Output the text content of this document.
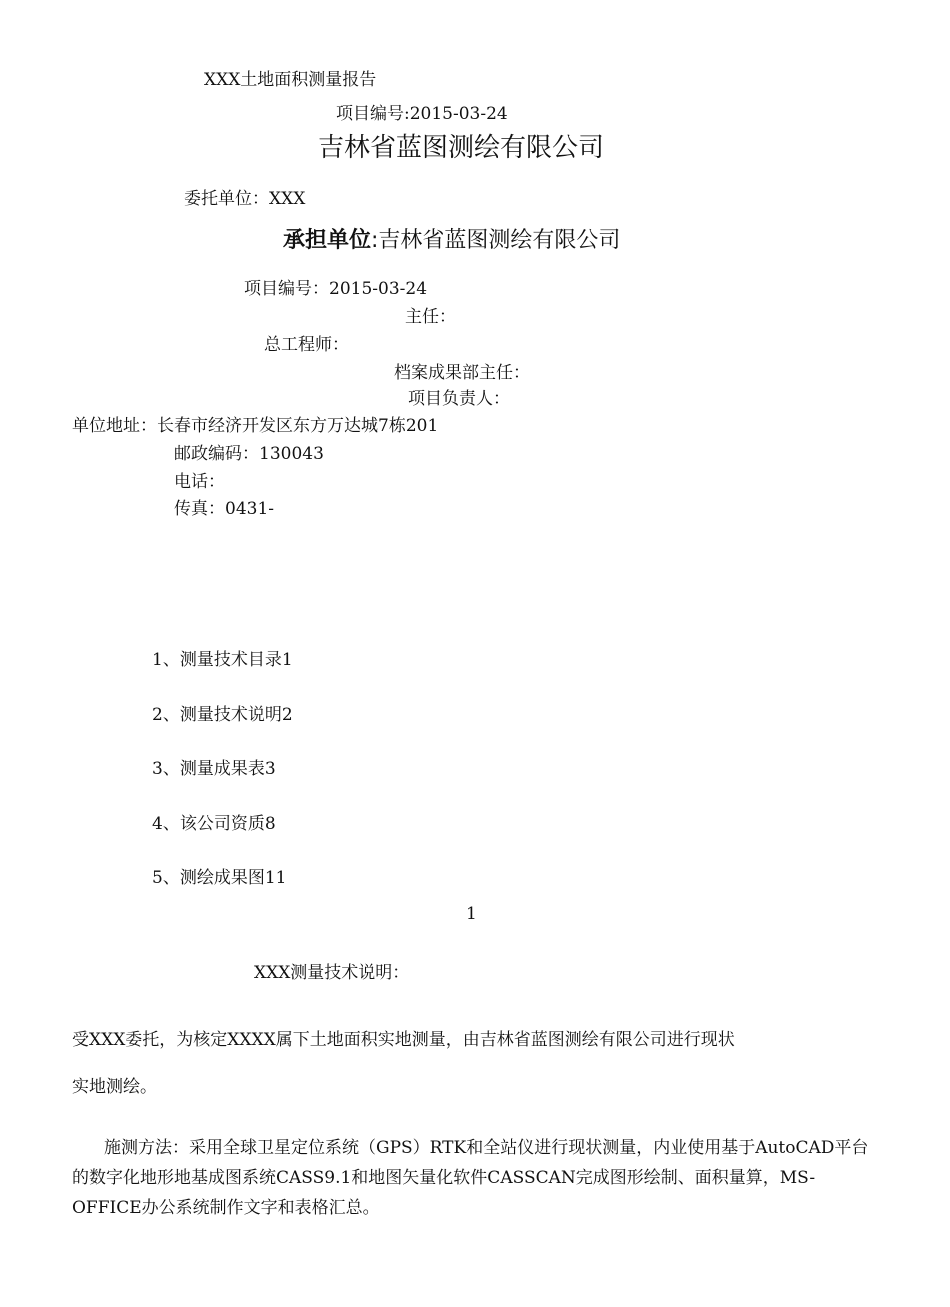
XXX土地面积测量报告
项目编号:2015-03-24
吉林省蓝图测绘有限公司
委托单位：XXX
承担单位:吉林省蓝图测绘有限公司
项目编号：2015-03-24
主任：
总工程师：
档案成果部主任：
项目负责人：
单位地址：长春市经济开发区东方万达城7栋201
邮政编码：130043
电话：
传真：0431-
1、测量技术目录1
2、测量技术说明2
3、测量成果表3
4、该公司资质8
5、测绘成果图11
1
XXX测量技术说明：
受XXX委托，为核定XXXX属下土地面积实地测量，由吉林省蓝图测绘有限公司进行现状
实地测绘。
施测方法：采用全球卫星定位系统（GPS）RTK和全站仪进行现状测量，内业使用基于AutoCAD平台的数字化地形地基成图系统CASS9.1和地图矢量化软件CASSCAN完成图形绘制、面积量算，MS-OFFICE办公系统制作文字和表格汇总。
